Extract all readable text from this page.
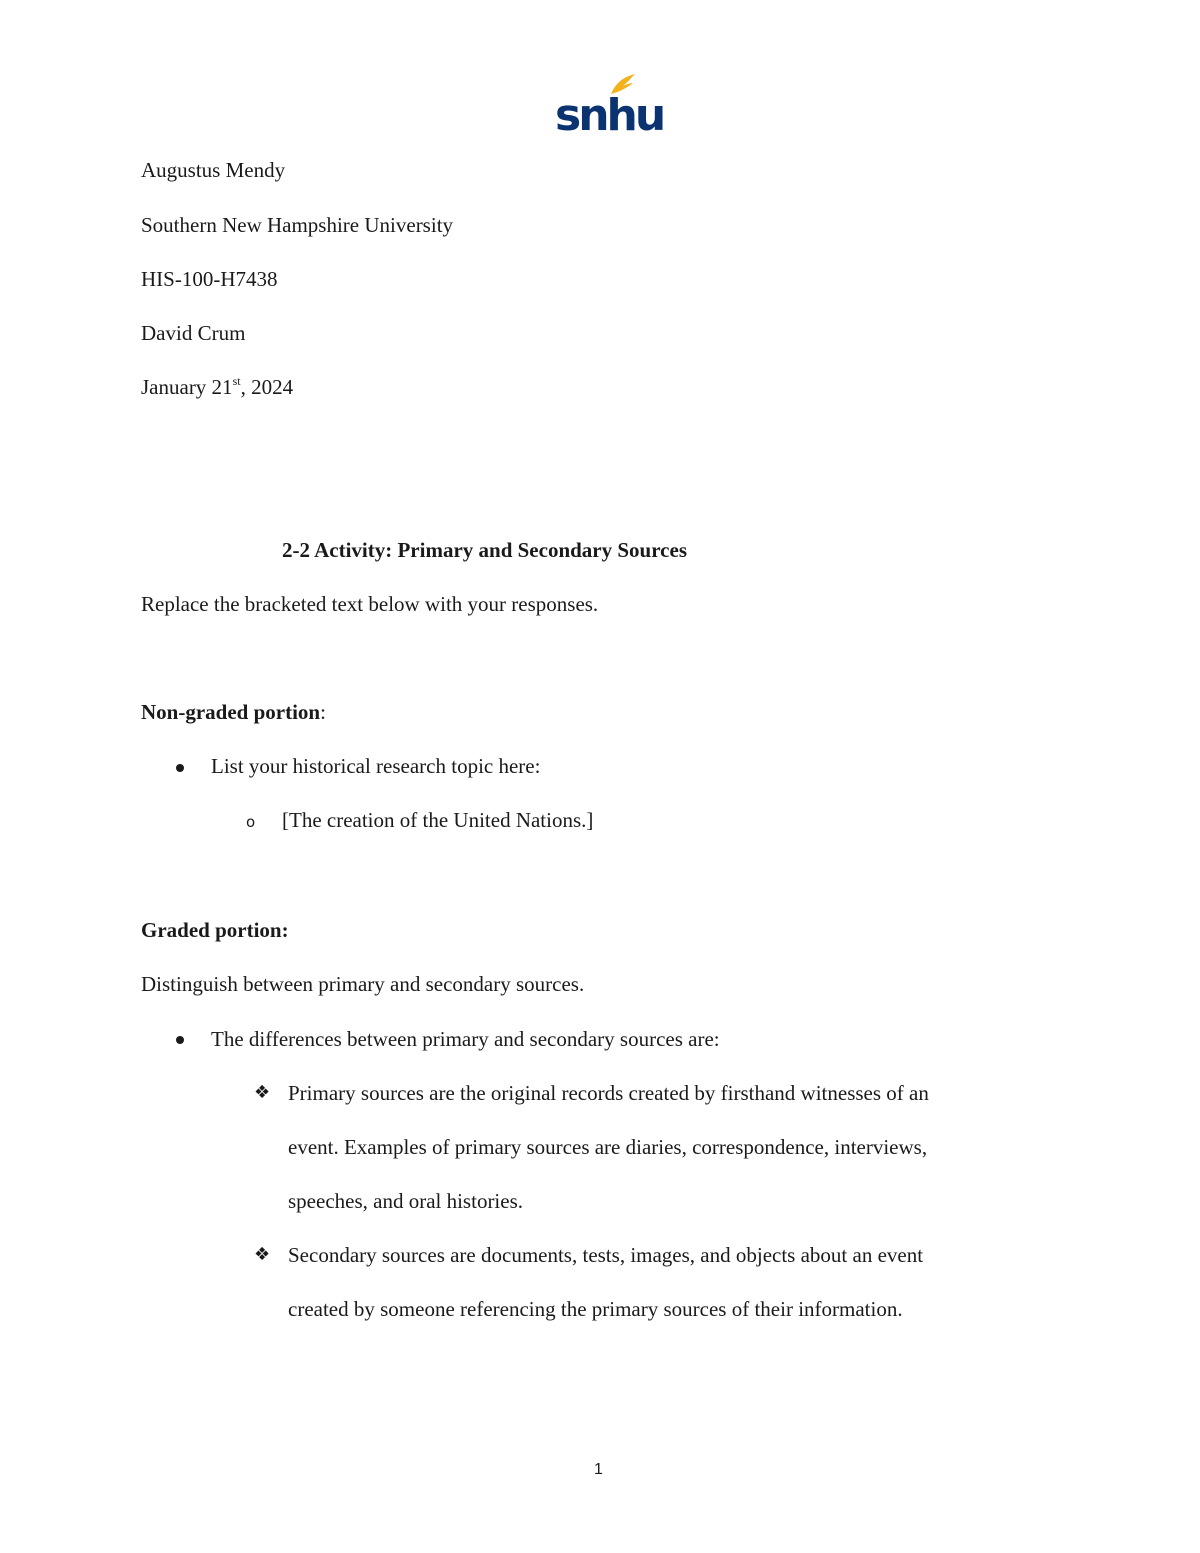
snhu
Augustus Mendy
Southern New Hampshire University
HIS-100-H7438
David Crum
January 21st, 2024
2-2 Activity: Primary and Secondary Sources
Replace the bracketed text below with your responses.
Non-graded portion:
List your historical research topic here:
o [The creation of the United Nations.]
Graded portion:
Distinguish between primary and secondary sources.
The differences between primary and secondary sources are:
❖ Primary sources are the original records created by firsthand witnesses of an
event. Examples of primary sources are diaries, correspondence, interviews,
speeches, and oral histories.
❖ Secondary sources are documents, tests, images, and objects about an event
created by someone referencing the primary sources of their information.
1
